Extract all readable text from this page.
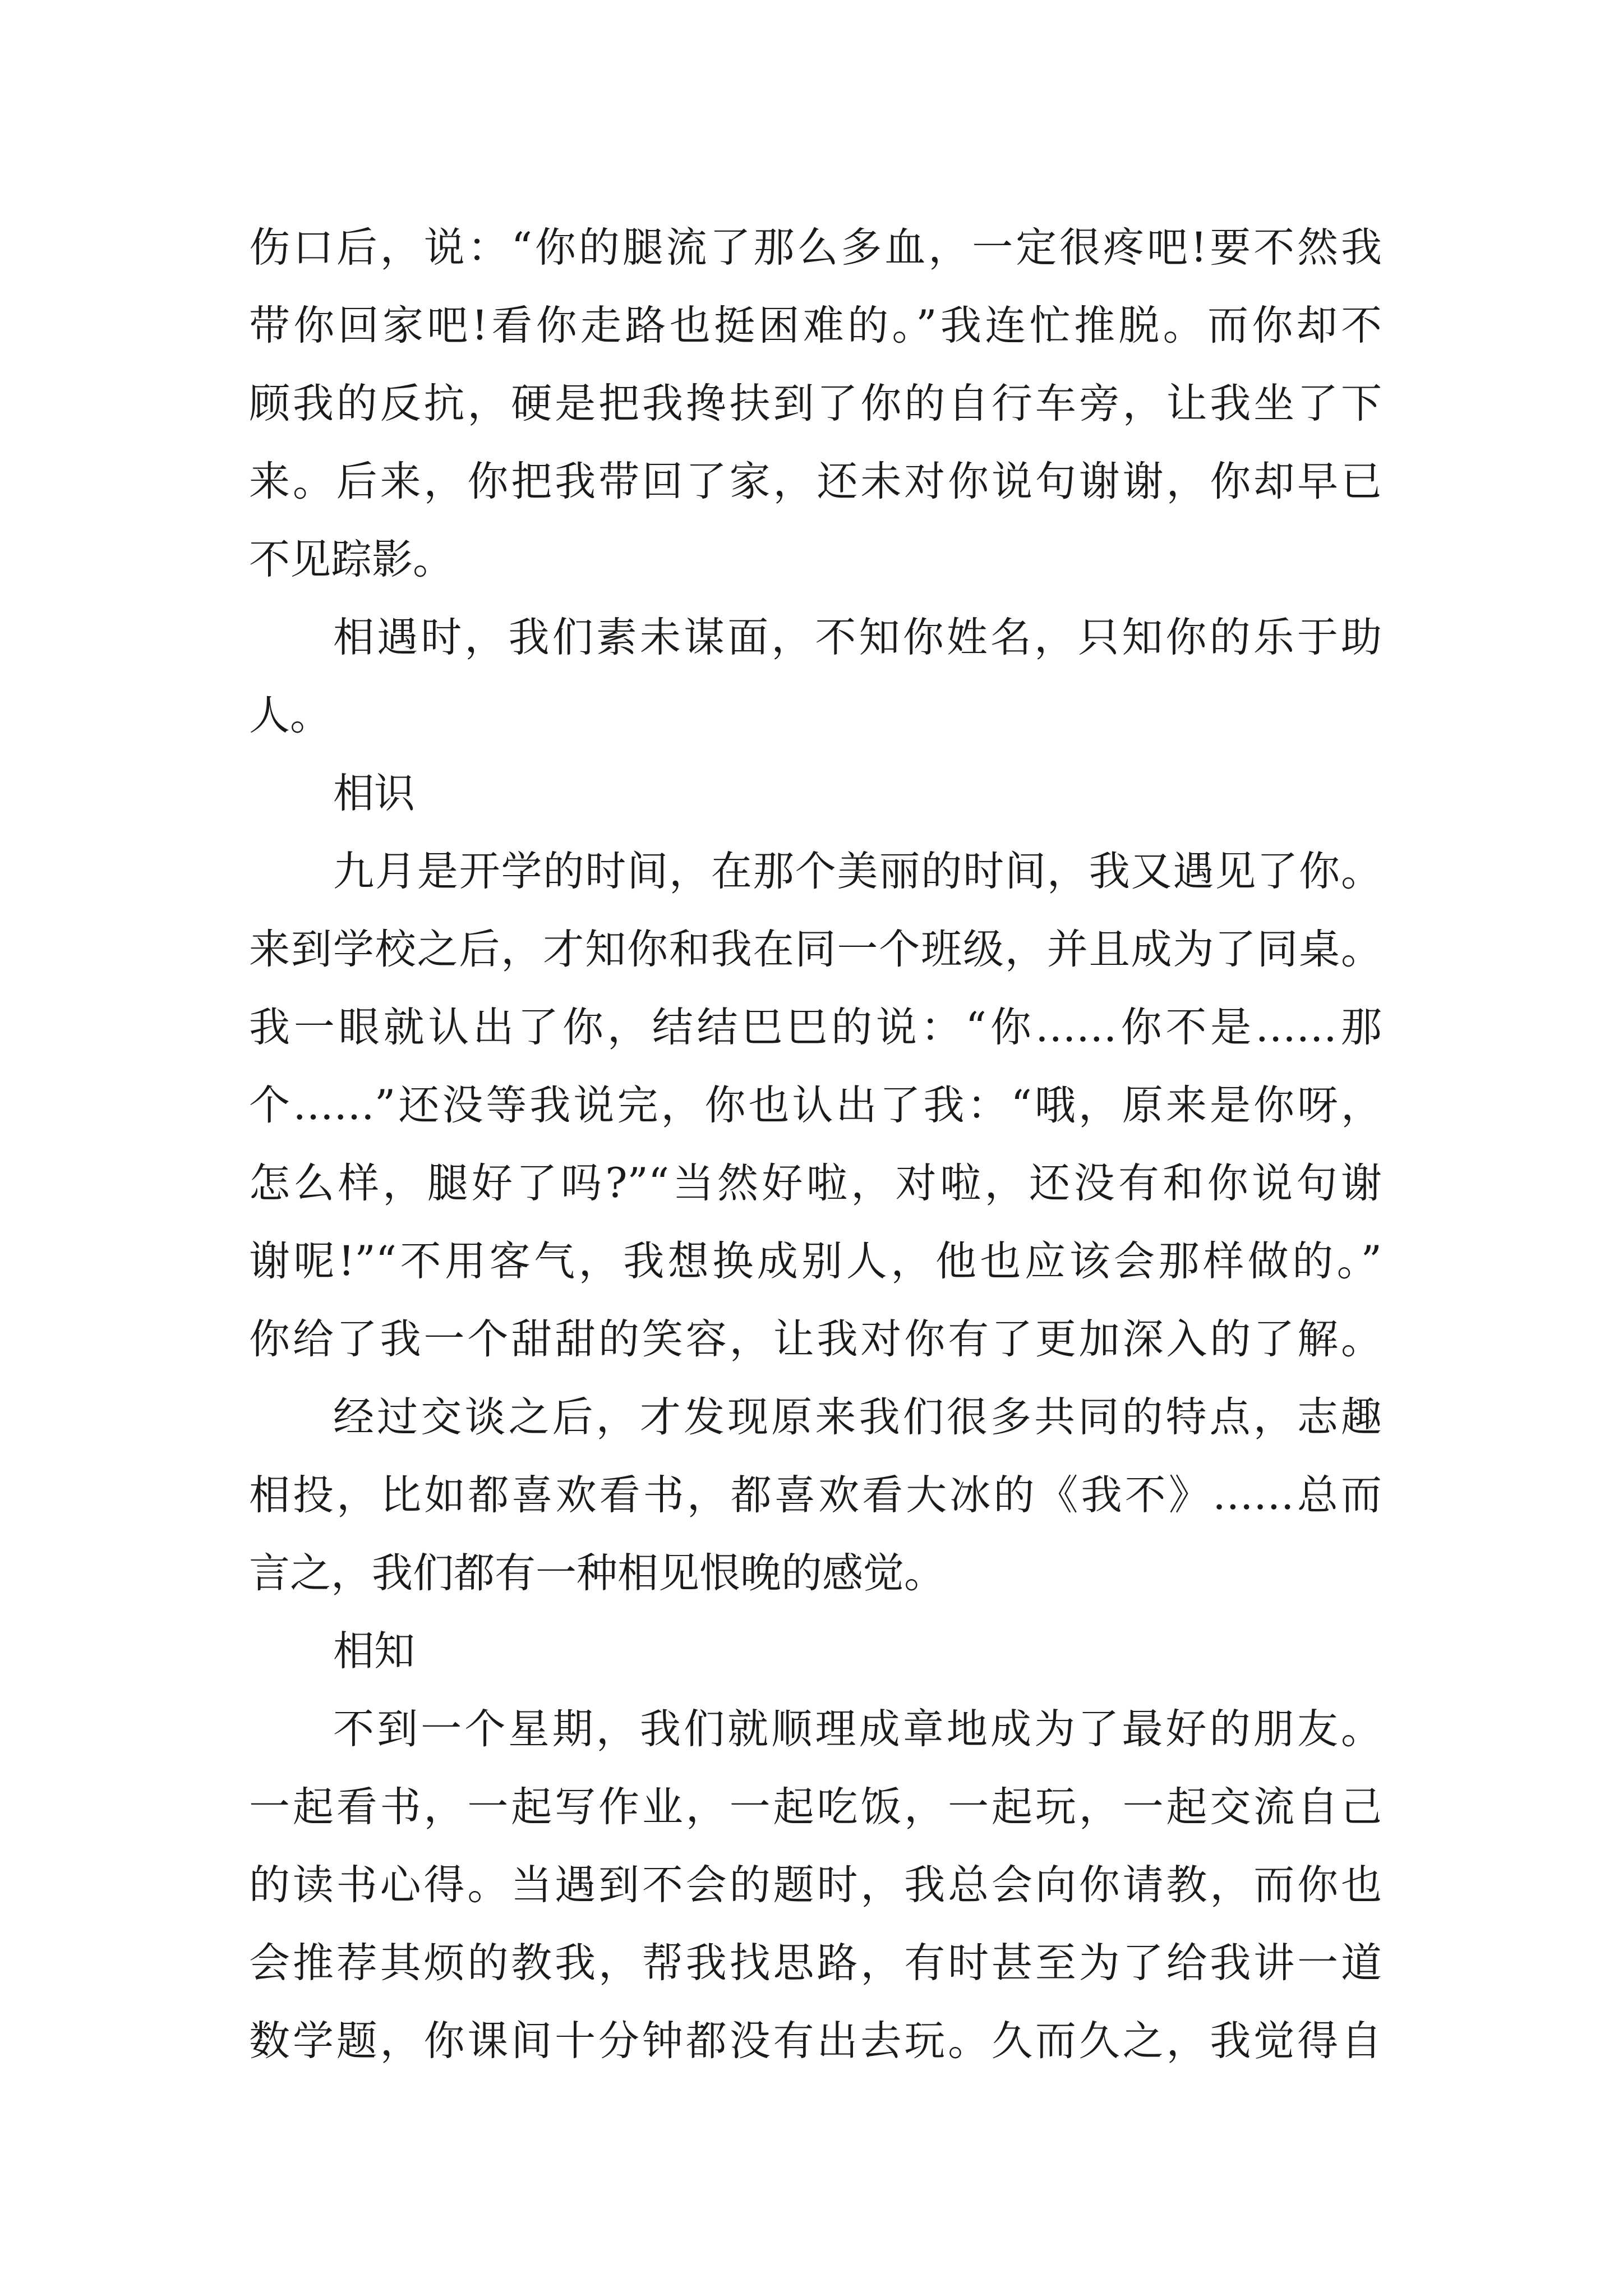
伤口后，说：“你的腿流了那么多血，一定很疼吧!要不然我
带你回家吧!看你走路也挺困难的。”我连忙推脱。而你却不
顾我的反抗，硬是把我搀扶到了你的自行车旁，让我坐了下
来。后来，你把我带回了家，还未对你说句谢谢，你却早已
不见踪影。
相遇时，我们素未谋面，不知你姓名，只知你的乐于助
人。
相识
九月是开学的时间，在那个美丽的时间，我又遇见了你。
来到学校之后，才知你和我在同一个班级，并且成为了同桌。
我一眼就认出了你，结结巴巴的说：“你……你不是……那
个……”还没等我说完，你也认出了我：“哦，原来是你呀，
怎么样，腿好了吗?”“当然好啦，对啦，还没有和你说句谢
谢呢!”“不用客气，我想换成别人，他也应该会那样做的。”
你给了我一个甜甜的笑容，让我对你有了更加深入的了解。
经过交谈之后，才发现原来我们很多共同的特点，志趣
相投，比如都喜欢看书，都喜欢看大冰的《我不》……总而
言之，我们都有一种相见恨晚的感觉。
相知
不到一个星期，我们就顺理成章地成为了最好的朋友。
一起看书，一起写作业，一起吃饭，一起玩，一起交流自己
的读书心得。当遇到不会的题时，我总会向你请教，而你也
会推荐其烦的教我，帮我找思路，有时甚至为了给我讲一道
数学题，你课间十分钟都没有出去玩。久而久之，我觉得自
